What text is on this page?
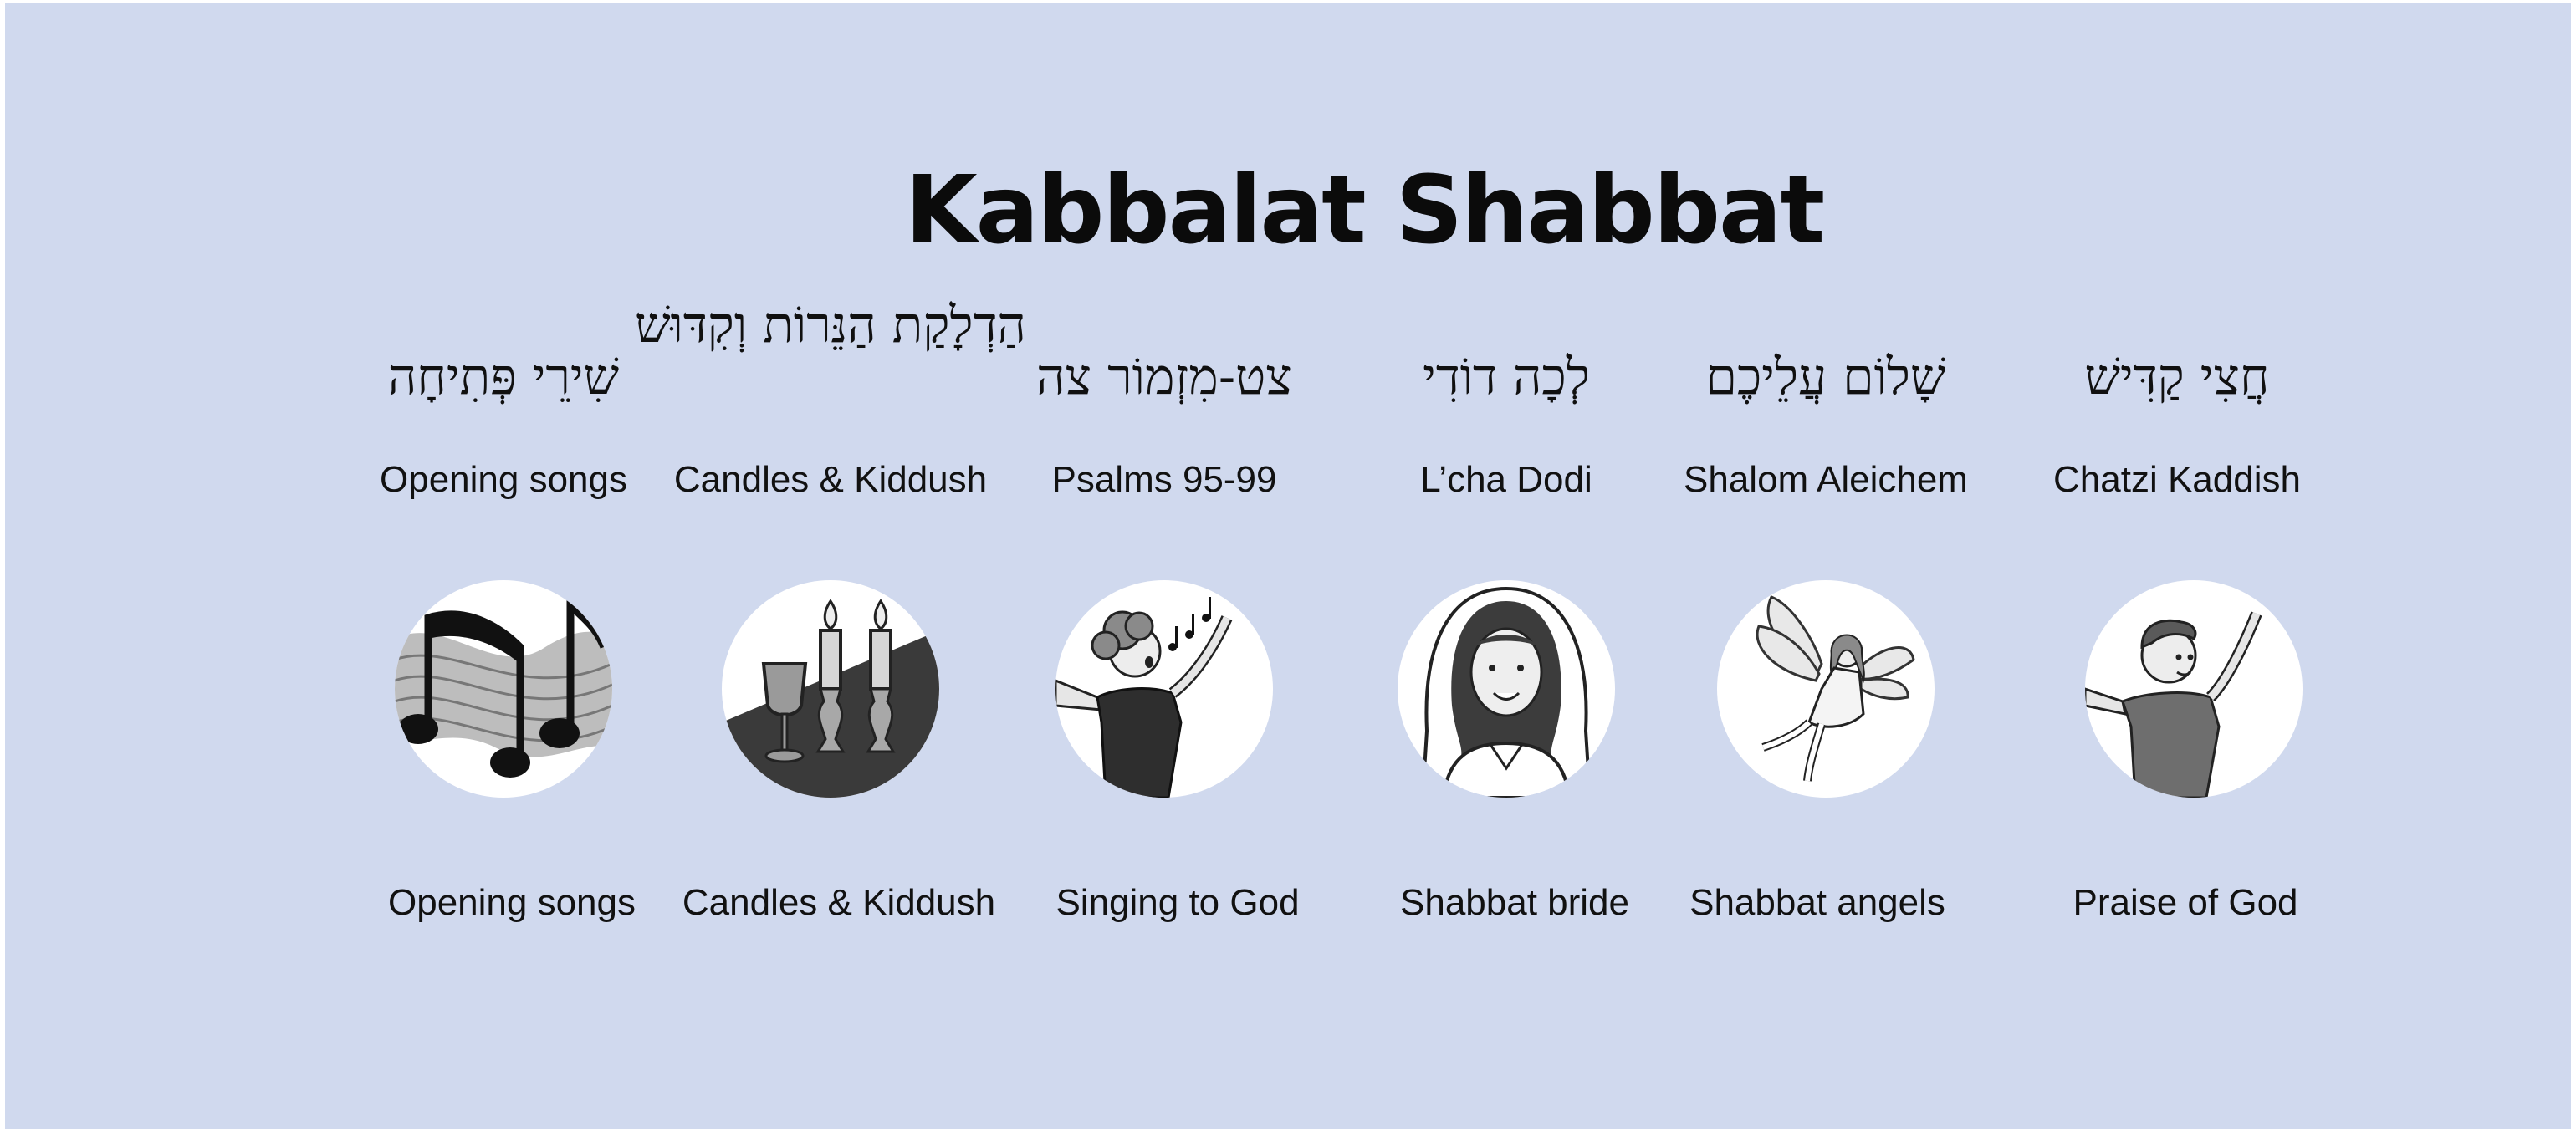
Kabbalat Shabbat
שִׁירֵי פְּתִיחָה
Opening songs
Opening songs
הַדְלָקַת הַנֵּרוֹת וְקִדּוּשׁ
Candles & Kiddush
Candles & Kiddush
צט-מִזְמוֹר צה
Psalms 95-99
Singing to God
לְכָה דוֹדִי
L’cha Dodi
Shabbat bride
שָׁלוֹם עֲלֵיכֶם
Shalom Aleichem
Shabbat angels
חֲצִי קַדִּישׁ
Chatzi Kaddish
Praise of God
